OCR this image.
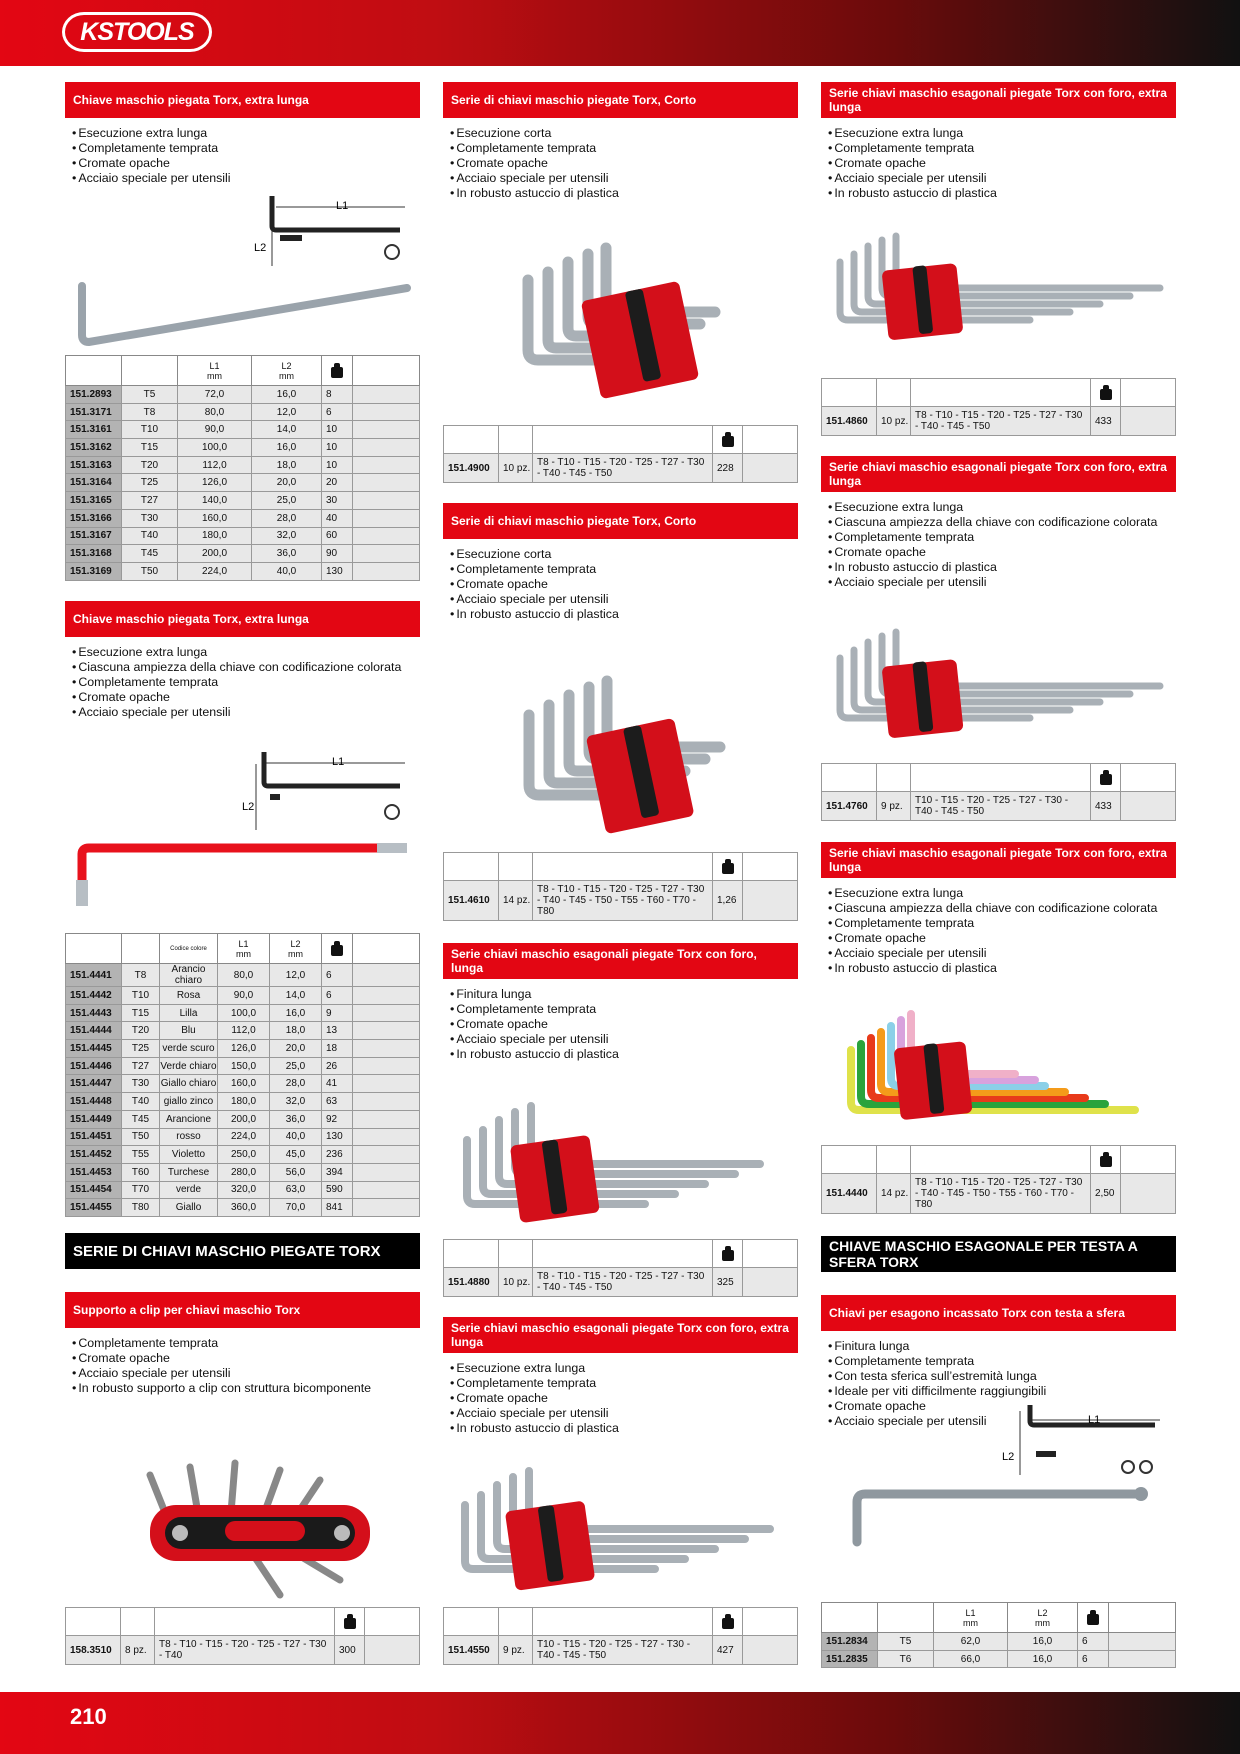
KSTOOLS
Chiave maschio piegata Torx, extra lunga
• Esecuzione extra lunga
• Completamente temprata
• Cromate opache
• Acciaio speciale per utensili
L1
L2
		L1
mm	L2
mm		
151.2893	T5	72,0	16,0	8	
151.3171	T8	80,0	12,0	6	
151.3161	T10	90,0	14,0	10	
151.3162	T15	100,0	16,0	10	
151.3163	T20	112,0	18,0	10	
151.3164	T25	126,0	20,0	20	
151.3165	T27	140,0	25,0	30	
151.3166	T30	160,0	28,0	40	
151.3167	T40	180,0	32,0	60	
151.3168	T45	200,0	36,0	90	
151.3169	T50	224,0	40,0	130	
Chiave maschio piegata Torx, extra lunga
• Esecuzione extra lunga
• Ciascuna ampiezza della chiave con codificazione colorata
• Completamente temprata
• Cromate opache
• Acciaio speciale per utensili
L1
L2
		Codice colore	L1
mm	L2
mm		
151.4441	T8	Arancio chiaro	80,0	12,0	6	
151.4442	T10	Rosa	90,0	14,0	6	
151.4443	T15	Lilla	100,0	16,0	9	
151.4444	T20	Blu	112,0	18,0	13	
151.4445	T25	verde scuro	126,0	20,0	18	
151.4446	T27	Verde chiaro	150,0	25,0	26	
151.4447	T30	Giallo chiaro	160,0	28,0	41	
151.4448	T40	giallo zinco	180,0	32,0	63	
151.4449	T45	Arancione	200,0	36,0	92	
151.4451	T50	rosso	224,0	40,0	130	
151.4452	T55	Violetto	250,0	45,0	236	
151.4453	T60	Turchese	280,0	56,0	394	
151.4454	T70	verde	320,0	63,0	590	
151.4455	T80	Giallo	360,0	70,0	841	
SERIE DI CHIAVI MASCHIO PIEGATE TORX
Supporto a clip per chiavi maschio Torx
• Completamente temprata
• Cromate opache
• Acciaio speciale per utensili
• In robusto supporto a clip con struttura bicomponente

158.3510	8 pz.	T8 - T10 - T15 - T20 - T25 - T27 - T30 - T40	300	
Serie di chiavi maschio piegate Torx, Corto
• Esecuzione corta
• Completamente temprata
• Cromate opache
• Acciaio speciale per utensili
• In robusto astuccio di plastica

151.4900	10 pz.	T8 - T10 - T15 - T20 - T25 - T27 - T30 - T40 - T45 - T50	228	
Serie di chiavi maschio piegate Torx, Corto
• Esecuzione corta
• Completamente temprata
• Cromate opache
• Acciaio speciale per utensili
• In robusto astuccio di plastica

151.4610	14 pz.	T8 - T10 - T15 - T20 - T25 - T27 - T30 - T40 - T45 - T50 - T55 - T60 - T70 - T80	1,26	
Serie chiavi maschio esagonali piegate Torx con foro, lunga
• Finitura lunga
• Completamente temprata
• Cromate opache
• Acciaio speciale per utensili
• In robusto astuccio di plastica

151.4880	10 pz.	T8 - T10 - T15 - T20 - T25 - T27 - T30 - T40 - T45 - T50	325	
Serie chiavi maschio esagonali piegate Torx con foro, extra lunga
• Esecuzione extra lunga
• Completamente temprata
• Cromate opache
• Acciaio speciale per utensili
• In robusto astuccio di plastica

151.4550	9 pz.	T10 - T15 - T20 - T25 - T27 - T30 - T40 - T45 - T50	427	
Serie chiavi maschio esagonali piegate Torx con foro, extra lunga
• Esecuzione extra lunga
• Completamente temprata
• Cromate opache
• Acciaio speciale per utensili
• In robusto astuccio di plastica

151.4860	10 pz.	T8 - T10 - T15 - T20 - T25 - T27 - T30 - T40 - T45 - T50	433	
Serie chiavi maschio esagonali piegate Torx con foro, extra lunga
• Esecuzione extra lunga
• Ciascuna ampiezza della chiave con codificazione colorata
• Completamente temprata
• Cromate opache
• In robusto astuccio di plastica
• Acciaio speciale per utensili

151.4760	9 pz.	T10 - T15 - T20 - T25 - T27 - T30 - T40 - T45 - T50	433	
Serie chiavi maschio esagonali piegate Torx con foro, extra lunga
• Esecuzione extra lunga
• Ciascuna ampiezza della chiave con codificazione colorata
• Completamente temprata
• Cromate opache
• Acciaio speciale per utensili
• In robusto astuccio di plastica

151.4440	14 pz.	T8 - T10 - T15 - T20 - T25 - T27 - T30 - T40 - T45 - T50 - T55 - T60 - T70 - T80	2,50	
CHIAVE MASCHIO ESAGONALE PER TESTA A SFERA TORX
Chiavi per esagono incassato Torx con testa a sfera
• Finitura lunga
• Completamente temprata
• Con testa sferica sull’estremità lunga
• Ideale per viti difficilmente raggiungibili
• Cromate opache
• Acciaio speciale per utensili	L1
L2
		L1
mm	L2
mm		
151.2834	T5	62,0	16,0	6	
151.2835	T6	66,0	16,0	6	
210
